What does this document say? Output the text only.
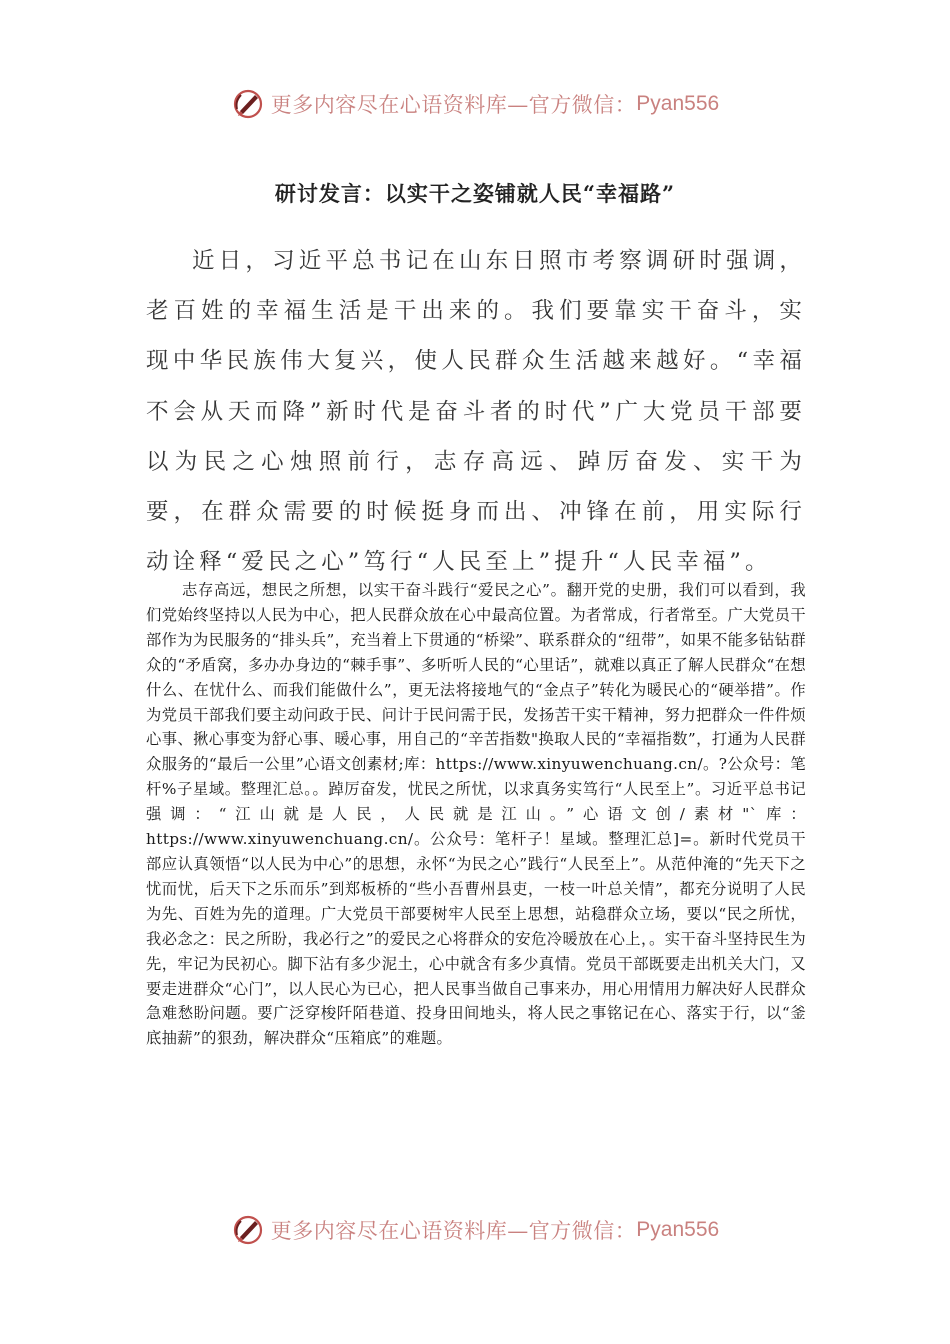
更多内容尽在心语资料库—官方微信： Pyan556
研讨发言：以实干之姿铺就人民“幸福路”

近日，习近平总书记在山东日照市考察调研时强调，老百姓的幸福生活是干出来的。我们要靠实干奋斗，实现中华民族伟大复兴，使人民群众生活越来越好。“幸福不会从天而降”新时代是奋斗者的时代”广大党员干部要以为民之心烛照前行，志存高远、踔厉奋发、实干为要，在群众需要的时候挺身而出、冲锋在前，用实际行动诠释“爱民之心”笃行“人民至上”提升“人民幸福”。

志存高远，想民之所想，以实干奋斗践行“爱民之心”。翻开党的史册，我们可以看到，我们党始终坚持以人民为中心，把人民群众放在心中最高位置。为者常成，行者常至。广大党员干部作为为民服务的“排头兵”，充当着上下贯通的“桥梁”、联系群众的“纽带”，如果不能多钻钻群众的“矛盾窝，多办办身边的“棘手事”、多听听人民的“心里话”，就难以真正了解人民群众“在想什么、在忧什么、而我们能做什么”，更无法将接地气的“金点子”转化为暖民心的“硬举措”。作为党员干部我们要主动问政于民、问计于民问需于民，发扬苦干实干精神，努力把群众一件件烦心事、揪心事变为舒心事、暖心事，用自己的“辛苦指数"换取人民的“幸福指数”，打通为人民群众服务的“最后一公里”心语文创素材;库：https://www.xinyuwenchuang.cn/。?公众号：笔杆%子星域。整理汇总。。踔厉奋发，忧民之所忧，以求真务实笃行“人民至上”。习近平总书记强调：“江山就是人民，人民就是江山。”心语文创/素材"`库：https://www.xinyuwenchuang.cn/。公众号：笔杆子！星域。整理汇总]=。新时代党员干部应认真领悟“以人民为中心”的思想，永怀“为民之心”践行“人民至上”。从范仲淹的“先天下之忧而忧，后天下之乐而乐”到郑板桥的“些小吾曹州县吏，一枝一叶总关情”，都充分说明了人民为先、百姓为先的道理。广大党员干部要树牢人民至上思想，站稳群众立场，要以“民之所忧，我必念之：民之所盼，我必行之”的爱民之心将群众的安危冷暖放在心上，。实干奋斗坚持民生为先，牢记为民初心。脚下沾有多少泥土，心中就含有多少真情。党员干部既要走出机关大门，又要走进群众“心门”，以人民心为已心，把人民事当做自己事来办，用心用情用力解决好人民群众急难愁盼问题。要广泛穿梭阡陌巷道、投身田间地头，将人民之事铭记在心、落实于行，以“釜底抽薪”的狠劲，解决群众“压箱底”的难题。

更多内容尽在心语资料库—官方微信： Pyan556
